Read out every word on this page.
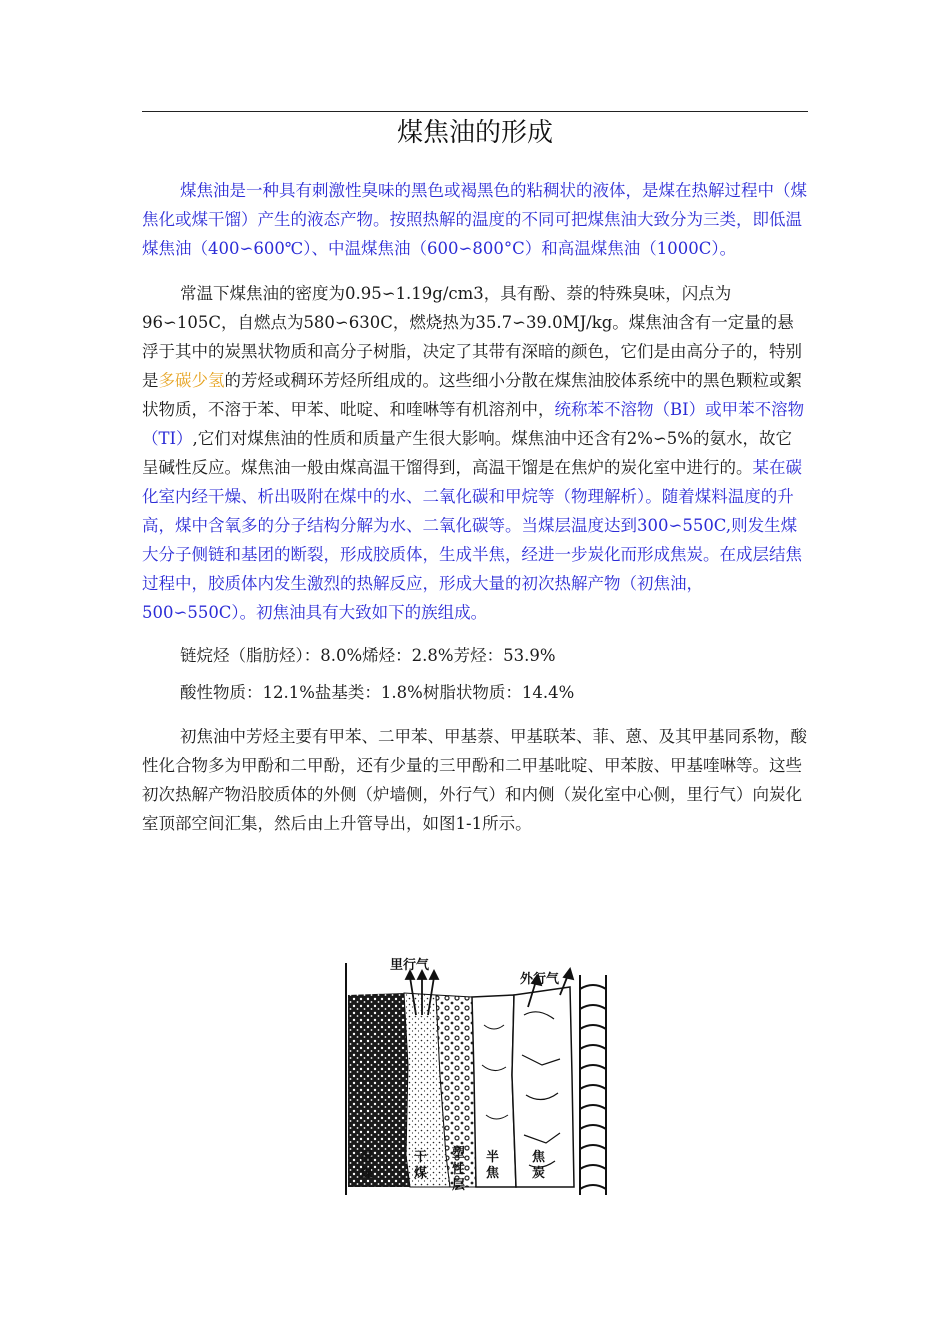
煤焦油的形成

煤焦油是一种具有刺激性臭味的黑色或褐黑色的粘稠状的液体，是煤在热解过程中（煤焦化或煤干馏）产生的液态产物。按照热解的温度的不同可把煤焦油大致分为三类，即低温煤焦油（400∽600℃）、中温煤焦油（600∽800°C）和高温煤焦油（1000C）。

常温下煤焦油的密度为0.95∽1.19g/cm3，具有酚、萘的特殊臭味，闪点为96∽105C，自燃点为580∽630C，燃烧热为35.7∽39.0MJ/kg。煤焦油含有一定量的悬浮于其中的炭黑状物质和高分子树脂，决定了其带有深暗的颜色，它们是由高分子的，特别是多碳少氢的芳烃或稠环芳烃所组成的。这些细小分散在煤焦油胶体系统中的黑色颗粒或絮状物质，不溶于苯、甲苯、吡啶、和喹啉等有机溶剂中，统称苯不溶物（BI）或甲苯不溶物（TI）,它们对煤焦油的性质和质量产生很大影响。煤焦油中还含有2%∽5%的氨水，故它呈碱性反应。煤焦油一般由煤高温干馏得到，高温干馏是在焦炉的炭化室中进行的。某在碳化室内经干燥、析出吸附在煤中的水、二氧化碳和甲烷等（物理解析）。随着煤料温度的升高，煤中含氧多的分子结构分解为水、二氧化碳等。当煤层温度达到300∽550C,则发生煤大分子侧链和基团的断裂，形成胶质体，生成半焦，经进一步炭化而形成焦炭。在成层结焦过程中，胶质体内发生激烈的热解反应，形成大量的初次热解产物（初焦油，500∽550C）。初焦油具有大致如下的族组成。

链烷烃（脂肪烃）：8.0%烯烃：2.8%芳烃：53.9%

酸性物质：12.1%盐基类：1.8%树脂状物质：14.4%

初焦油中芳烃主要有甲苯、二甲苯、甲基萘、甲基联苯、菲、蒽、及其甲基同系物，酸性化合物多为甲酚和二甲酚，还有少量的三甲酚和二甲基吡啶、甲苯胺、甲基喹啉等。这些初次热解产物沿胶质体的外侧（炉墙侧，外行气）和内侧（炭化室中心侧，里行气）向炭化室顶部空间汇集，然后由上升管导出，如图1-1所示。

里行气
外行气
湿
煤
干
煤
塑
性
层
半
焦
焦
炭
